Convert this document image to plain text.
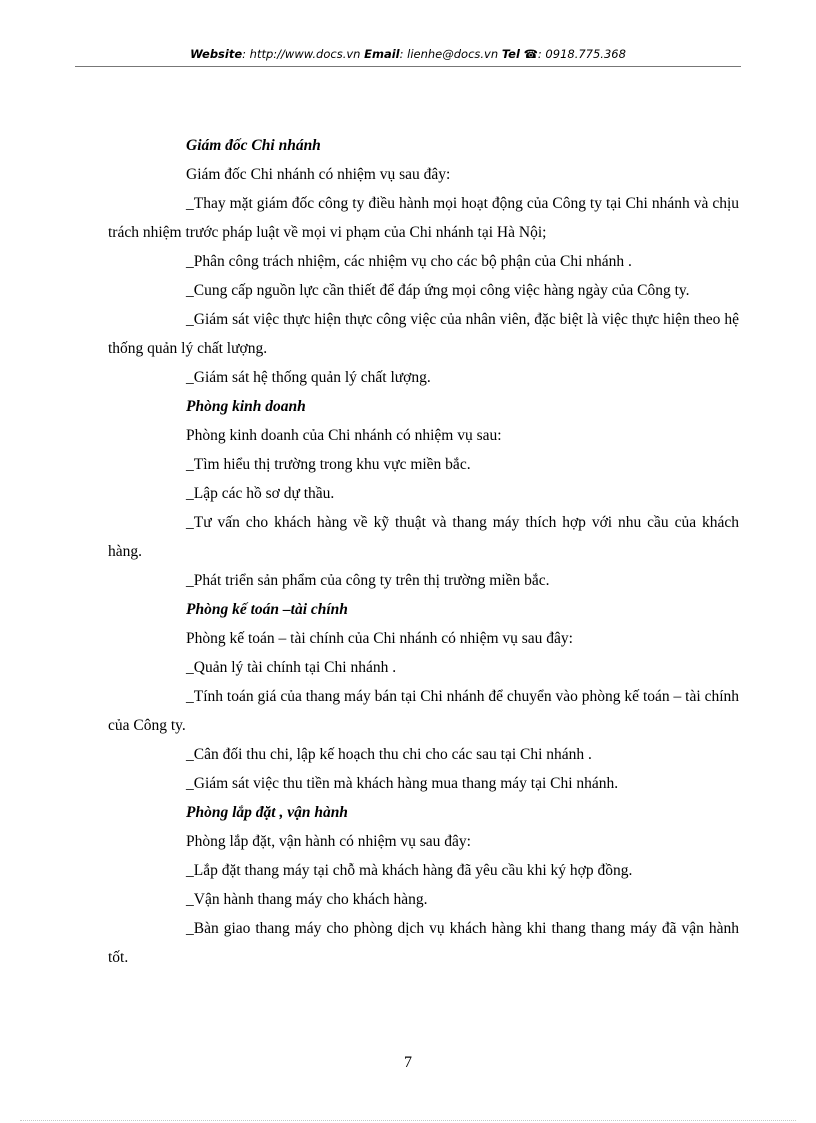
Website: http://www.docs.vn Email: lienhe@docs.vn Tel ☎: 0918.775.368

Giám đốc Chi nhánh

Giám đốc Chi nhánh có nhiệm vụ sau đây:

_Thay mặt giám đốc công ty điều hành mọi hoạt động của Công ty tại Chi nhánh và chịu trách nhiệm trước pháp luật về mọi vi phạm của Chi nhánh tại Hà Nội;

_Phân công trách nhiệm, các nhiệm vụ cho các bộ phận của Chi nhánh .

_Cung cấp nguồn lực cần thiết để đáp ứng mọi công việc hàng ngày của Công ty.

_Giám sát việc thực hiện thực công việc của nhân viên, đặc biệt là việc thực hiện theo hệ thống quản lý chất lượng.

_Giám sát hệ thống quản lý chất lượng.

Phòng kinh doanh

Phòng kinh doanh của Chi nhánh có nhiệm vụ sau:

_Tìm hiểu thị trường trong khu vực miền bắc.

_Lập các hồ sơ dự thầu.

_Tư vấn cho khách hàng về kỹ thuật và thang máy thích hợp với nhu cầu của khách hàng.

_Phát triển sản phẩm của công ty trên thị trường miền bắc.

Phòng kế toán –tài chính

Phòng kế toán – tài chính của Chi nhánh có nhiệm vụ sau đây:

_Quản lý tài chính tại Chi nhánh .

_Tính toán giá của thang máy bán tại Chi nhánh để chuyển vào phòng kế toán – tài chính của Công ty.

_Cân đối thu chi, lập kế hoạch thu chi cho các sau tại Chi nhánh .

_Giám sát việc thu tiền mà khách hàng mua thang máy tại Chi nhánh.

Phòng lắp đặt , vận hành

Phòng lắp đặt, vận hành có nhiệm vụ sau đây:

_Lắp đặt thang máy tại chỗ mà khách hàng đã yêu cầu khi ký hợp đồng.

_Vận hành thang máy cho khách hàng.

_Bàn giao thang máy cho phòng dịch vụ khách hàng khi thang thang máy đã vận hành tốt.

7
